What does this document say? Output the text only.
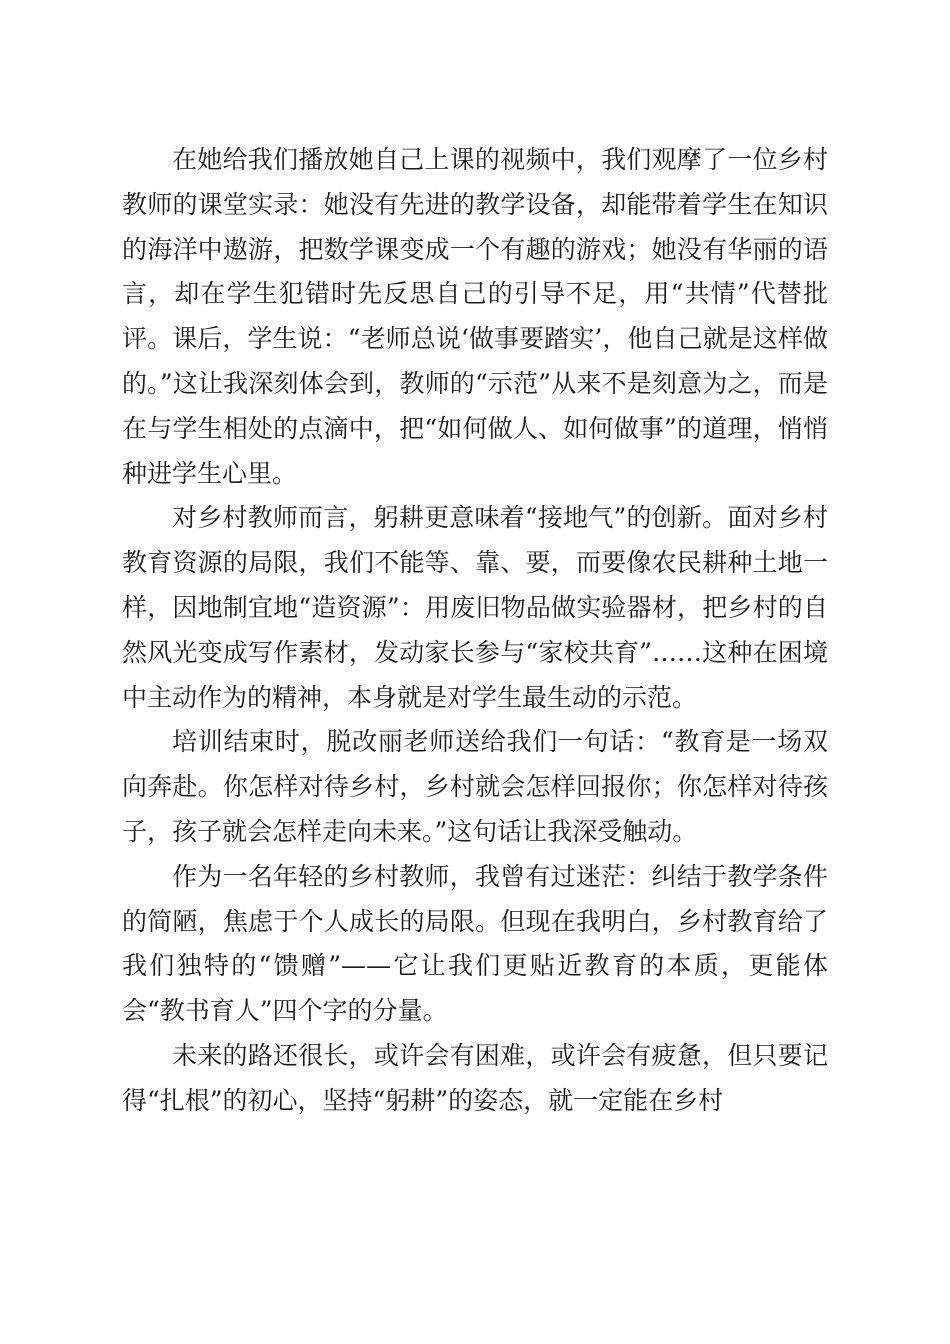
在她给我们播放她自己上课的视频中，我们观摩了一位乡村教师的课堂实录：她没有先进的教学设备，却能带着学生在知识的海洋中遨游，把数学课变成一个有趣的游戏；她没有华丽的语言，却在学生犯错时先反思自己的引导不足，用“共情”代替批评。课后，学生说：“老师总说‘做事要踏实’，他自己就是这样做的。”这让我深刻体会到，教师的“示范”从来不是刻意为之，而是在与学生相处的点滴中，把“如何做人、如何做事”的道理，悄悄种进学生心里。

对乡村教师而言，躬耕更意味着“接地气”的创新。面对乡村教育资源的局限，我们不能等、靠、要，而要像农民耕种土地一样，因地制宜地“造资源”：用废旧物品做实验器材，把乡村的自然风光变成写作素材，发动家长参与“家校共育”……这种在困境中主动作为的精神，本身就是对学生最生动的示范。

培训结束时，脱改丽老师送给我们一句话：“教育是一场双向奔赴。你怎样对待乡村，乡村就会怎样回报你；你怎样对待孩子，孩子就会怎样走向未来。”这句话让我深受触动。

作为一名年轻的乡村教师，我曾有过迷茫：纠结于教学条件的简陋，焦虑于个人成长的局限。但现在我明白，乡村教育给了我们独特的“馈赠”——它让我们更贴近教育的本质，更能体会“教书育人”四个字的分量。

未来的路还很长，或许会有困难，或许会有疲惫，但只要记得“扎根”的初心，坚持“躬耕”的姿态，就一定能在乡村
